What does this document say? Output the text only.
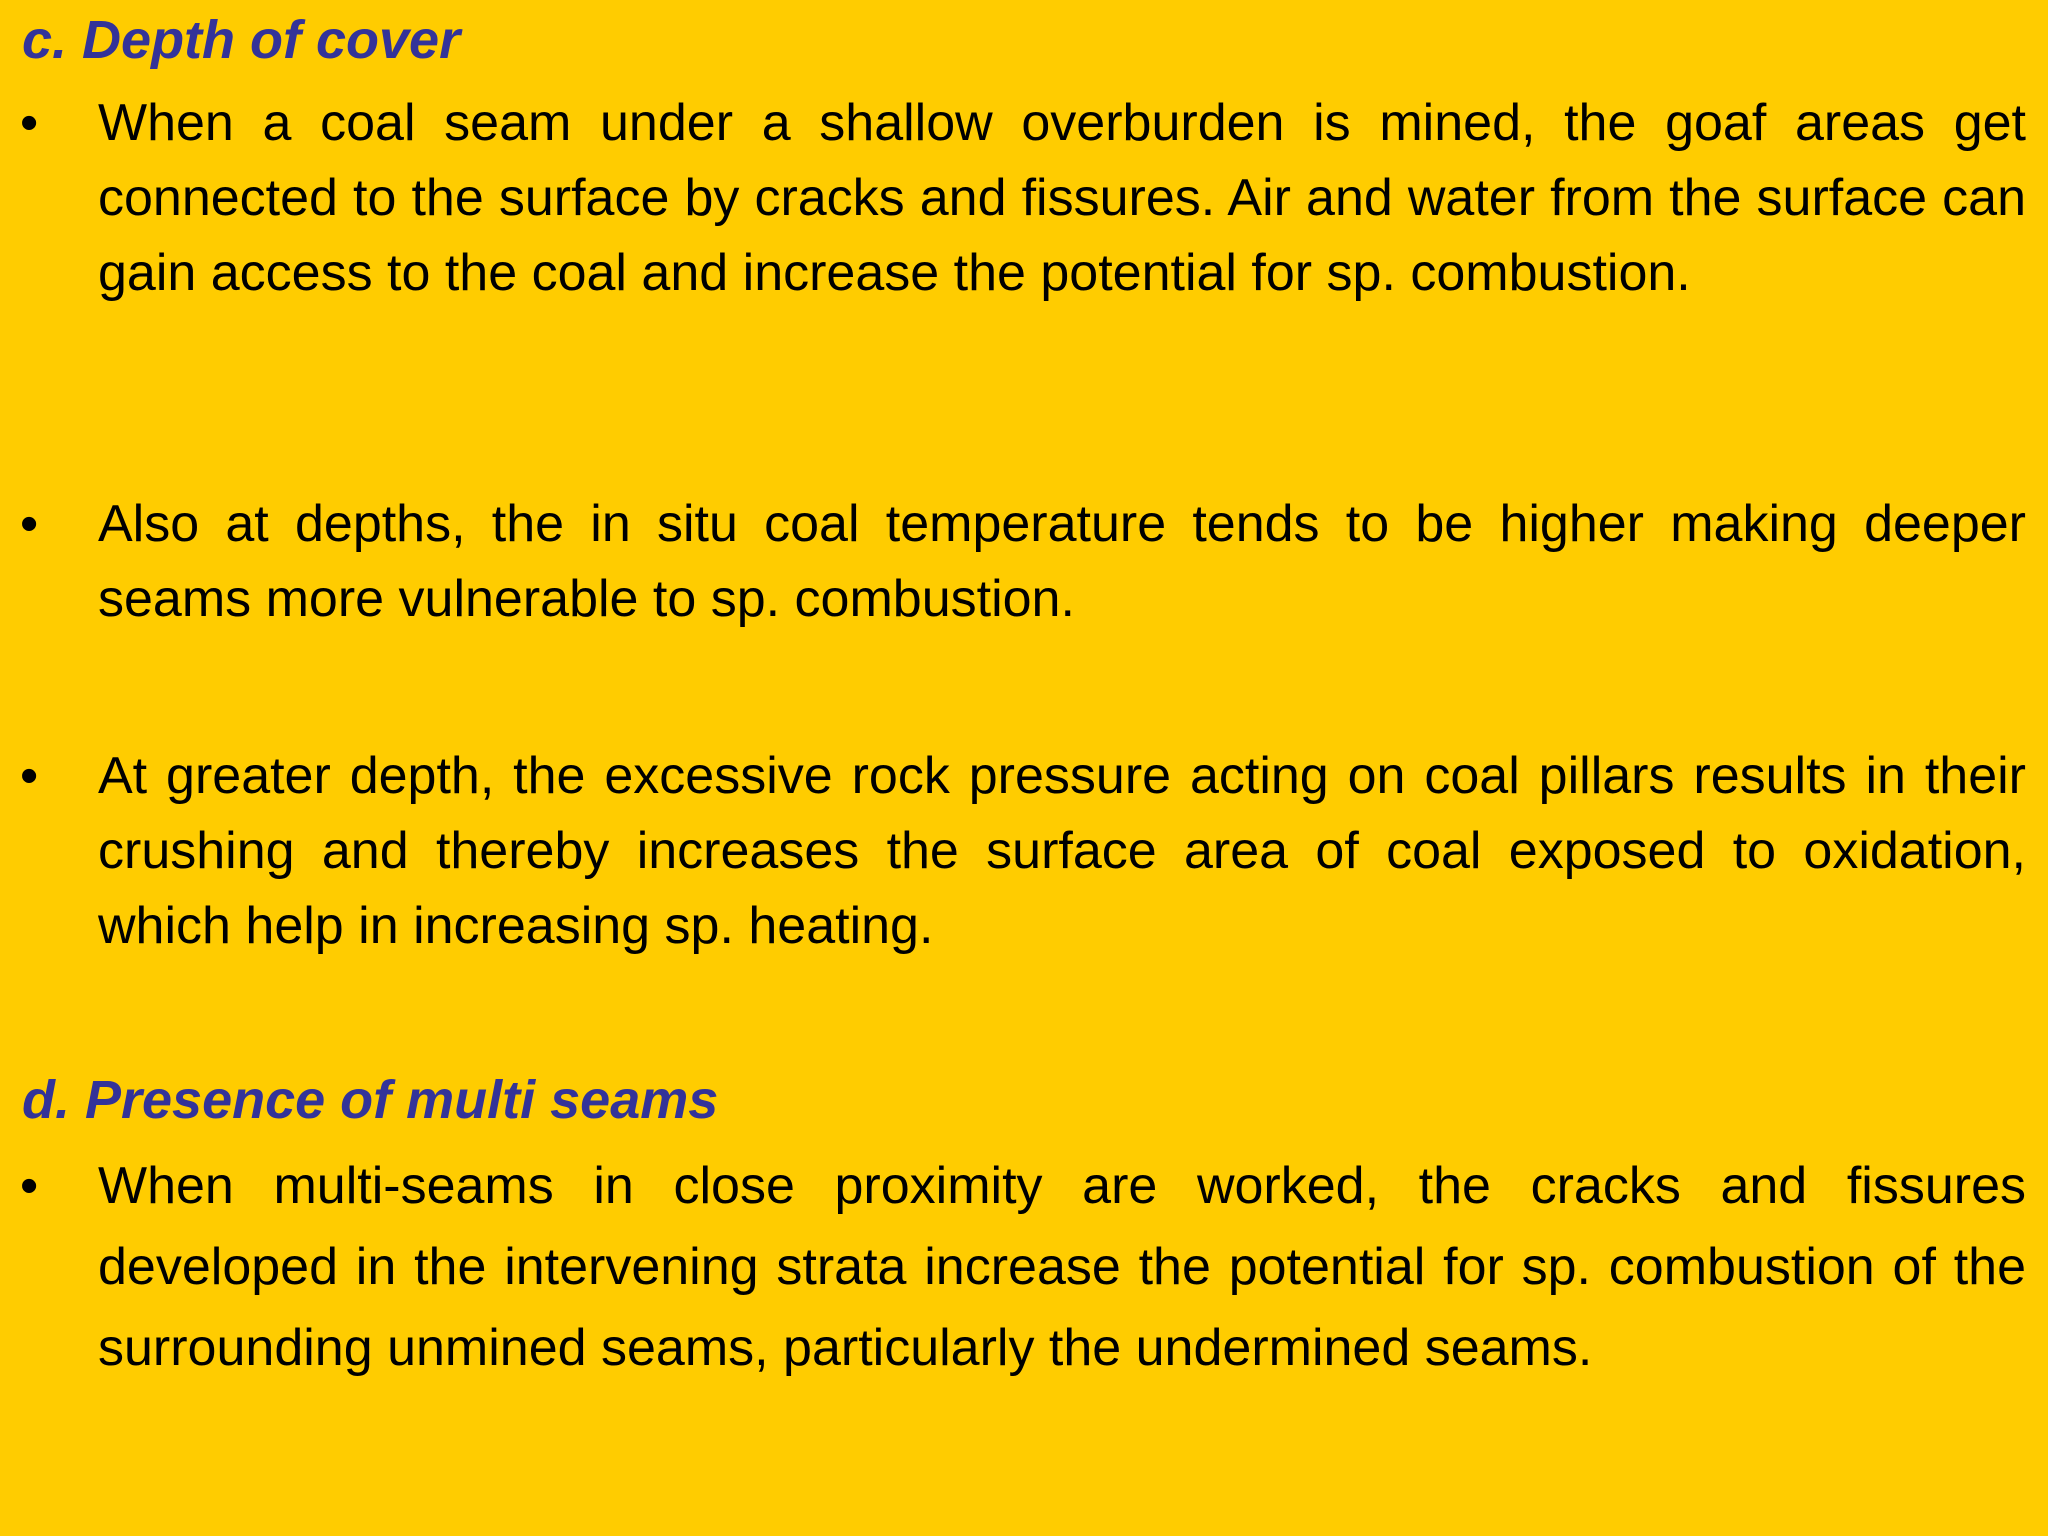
c. Depth of cover
• When a coal seam under a shallow overburden is mined, the goaf areas get connected to the surface by cracks and fissures. Air and water from the surface can gain access to the coal and increase the potential for sp. combustion.

• Also at depths, the in situ coal temperature tends to be higher making deeper seams more vulnerable to sp. combustion.

• At greater depth, the excessive rock pressure acting on coal pillars results in their crushing and thereby increases the surface area of coal exposed to oxidation, which help in increasing sp. heating.

d. Presence of multi seams
• When multi-seams in close proximity are worked, the cracks and fissures developed in the intervening strata increase the potential for sp. combustion of the surrounding unmined seams, particularly the undermined seams.
